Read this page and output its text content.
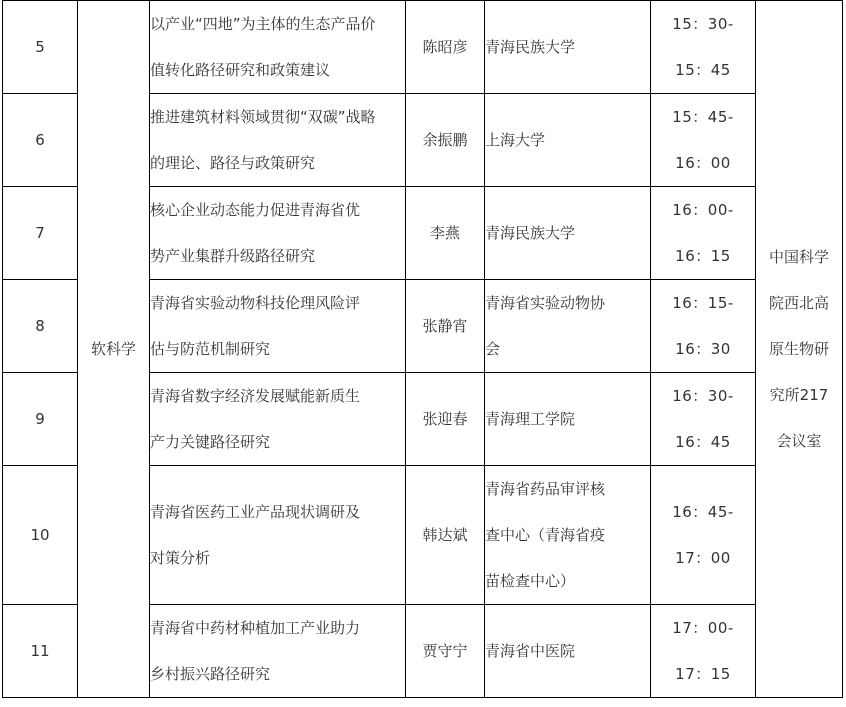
5	软科学	以产业“四地”为主体的生态产品价
值转化路径研究和政策建议	陈昭彦	青海民族大学	15：30-
15：45	中国科学
院西北高
原生物研
究所217
会议室

6		推进建筑材料领域贯彻“双碳”战略
的理论、路径与政策研究	余振鹏	上海大学	15：45-
16：00	

7		核心企业动态能力促进青海省优
势产业集群升级路径研究	李燕	青海民族大学	16：00-
16：15	

8		青海省实验动物科技伦理风险评
估与防范机制研究	张静宵	青海省实验动物协
会	16：15-
16：30	

9		青海省数字经济发展赋能新质生
产力关键路径研究	张迎春	青海理工学院	16：30-
16：45	

10		青海省医药工业产品现状调研及
对策分析	韩达斌	青海省药品审评核
查中心（青海省疫
苗检查中心）	16：45-
17：00	

11		青海省中药材种植加工产业助力
乡村振兴路径研究	贾守宁	青海省中医院	17：00-
17：15	
